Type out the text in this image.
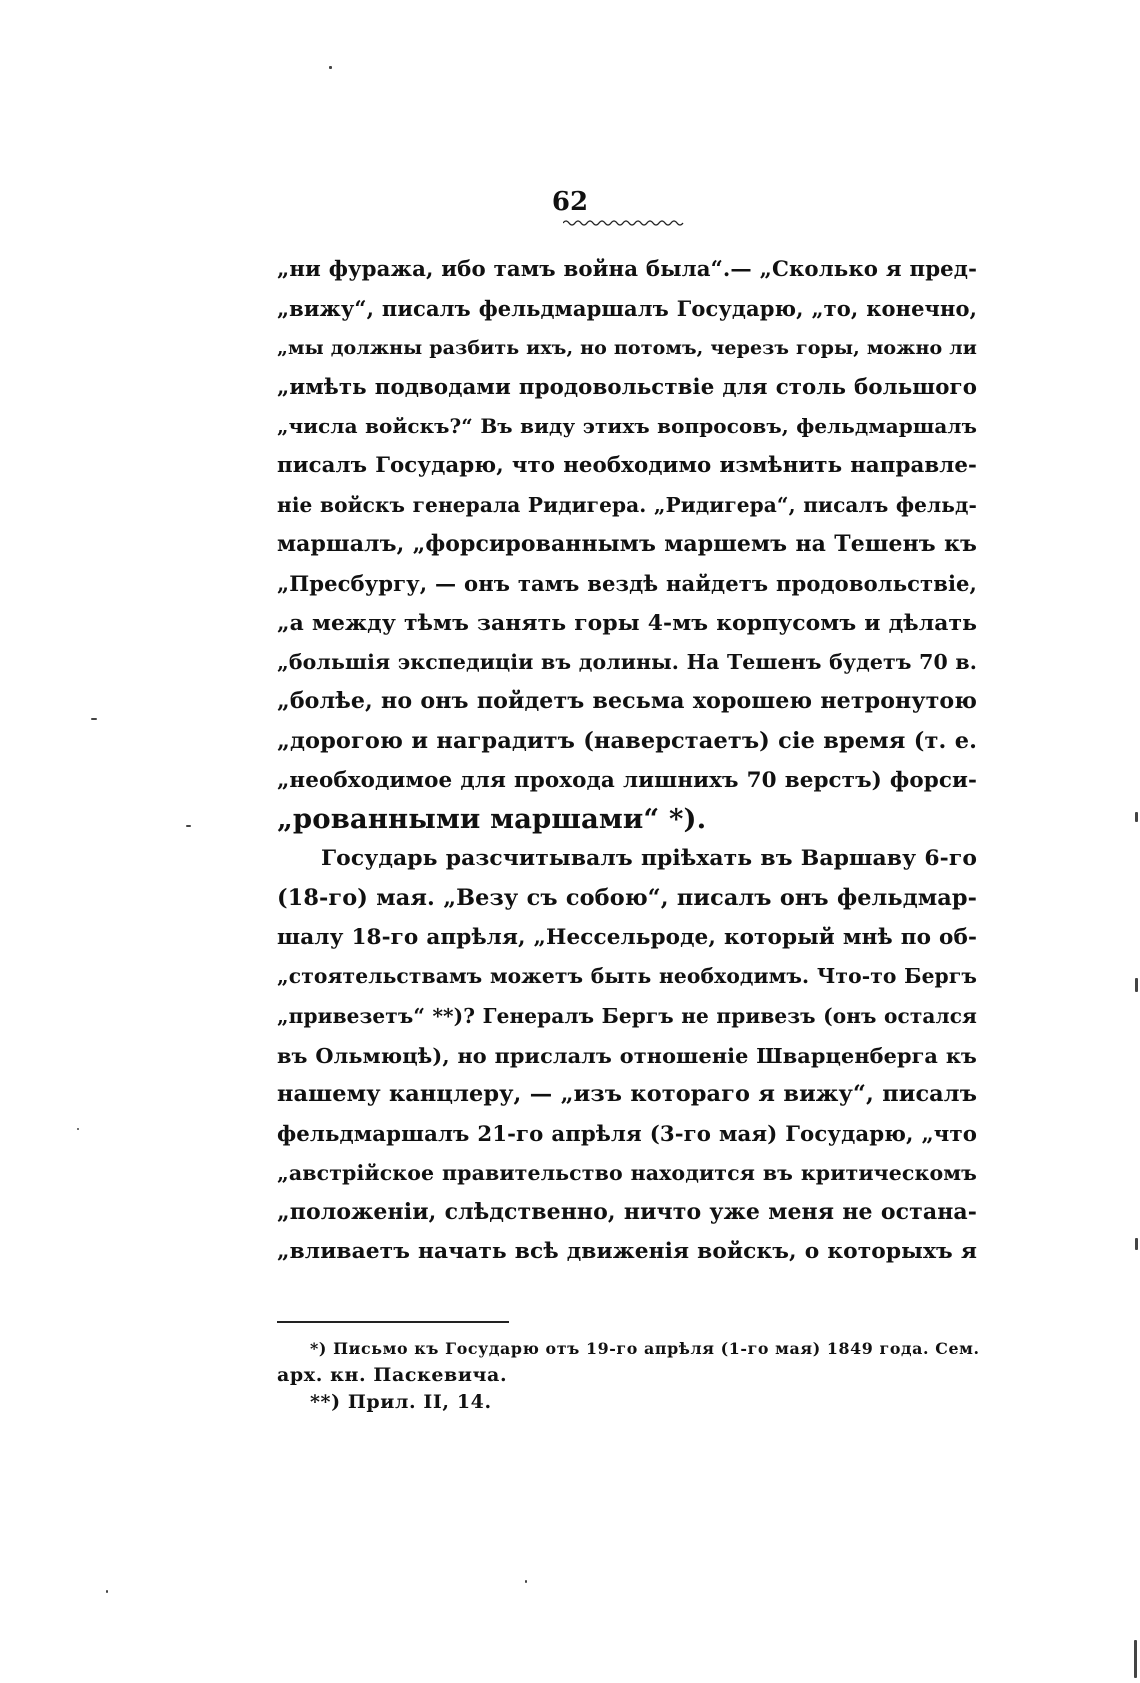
62
„ни фуража, ибо тамъ война была“.— „Сколько я пред-
„вижу“, писалъ фельдмаршалъ Государю, „то, конечно,
„мы должны разбить ихъ, но потомъ, черезъ горы, можно ли
„имѣть подводами продовольствіе для столь большого
„числа войскъ?“ Въ виду этихъ вопросовъ, фельдмаршалъ
писалъ Государю, что необходимо измѣнить направле-
ніе войскъ генерала Ридигера. „Ридигера“, писалъ фельд-
маршалъ, „форсированнымъ маршемъ на Тешенъ къ
„Пресбургу, — онъ тамъ вездѣ найдетъ продовольствіе,
„а между тѣмъ занять горы 4-мъ корпусомъ и дѣлать
„большія экспедиціи въ долины. На Тешенъ будетъ 70 в.
„болѣе, но онъ пойдетъ весьма хорошею нетронутою
„дорогою и наградитъ (наверстаетъ) сіе время (т. е.
„необходимое для прохода лишнихъ 70 верстъ) форси-
„рованными маршами“ *).
Государь разсчитывалъ пріѣхать въ Варшаву 6-го
(18-го) мая. „Везу съ собою“, писалъ онъ фельдмар-
шалу 18-го апрѣля, „Нессельроде, который мнѣ по об-
„стоятельствамъ можетъ быть необходимъ. Что-то Бергъ
„привезетъ“ **)? Генералъ Бергъ не привезъ (онъ остался
въ Ольмюцѣ), но прислалъ отношеніе Шварценберга къ
нашему канцлеру, — „изъ котораго я вижу“, писалъ
фельдмаршалъ 21-го апрѣля (3-го мая) Государю, „что
„австрійское правительство находится въ критическомъ
„положеніи, слѣдственно, ничто уже меня не остана-
„вливаетъ начать всѣ движенія войскъ, о которыхъ я
*) Письмо къ Государю отъ 19-го апрѣля (1-го мая) 1849 года. Сем.
арх. кн. Паскевича.
**) Прил. II, 14.
